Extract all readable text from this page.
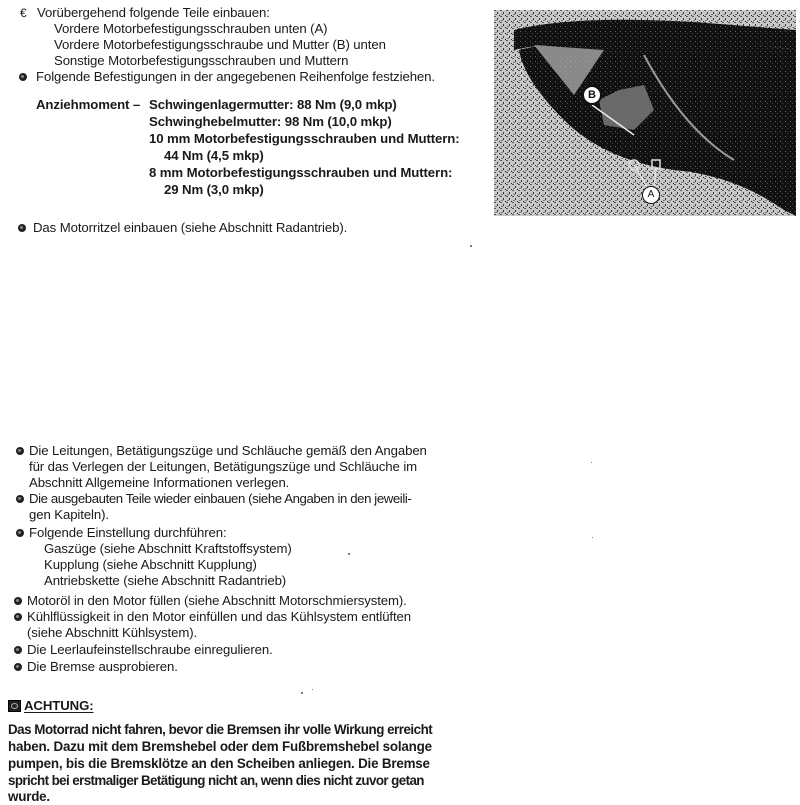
€ Vorübergehend folgende Teile einbauen:
Vordere Motorbefestigungsschrauben unten (A)
Vordere Motorbefestigungsschraube und Mutter (B) unten
Sonstige Motorbefestigungsschrauben und Muttern
Folgende Befestigungen in der angegebenen Reihenfolge festziehen.
Anziehmoment – Schwingenlagermutter: 88 Nm (9,0 mkp)
Schwinghebelmutter: 98 Nm (10,0 mkp)
10 mm Motorbefestigungsschrauben und Muttern:
44 Nm (4,5 mkp)
8 mm Motorbefestigungsschrauben und Muttern:
29 Nm (3,0 mkp)
Das Motorritzel einbauen (siehe Abschnitt Radantrieb).
B
A
Die Leitungen, Betätigungszüge und Schläuche gemäß den Angaben
für das Verlegen der Leitungen, Betätigungszüge und Schläuche im
Abschnitt Allgemeine Informationen verlegen.
Die ausgebauten Teile wieder einbauen (siehe Angaben in den jeweili-
gen Kapiteln).
Folgende Einstellung durchführen:
Gaszüge (siehe Abschnitt Kraftstoffsystem)
Kupplung (siehe Abschnitt Kupplung)
Antriebskette (siehe Abschnitt Radantrieb)
Motoröl in den Motor füllen (siehe Abschnitt Motorschmiersystem).
Kühlflüssigkeit in den Motor einfüllen und das Kühlsystem entlüften
(siehe Abschnitt Kühlsystem).
Die Leerlaufeinstellschraube einregulieren.
Die Bremse ausprobieren.
ACHTUNG:
Das Motorrad nicht fahren, bevor die Bremsen ihr volle Wirkung erreicht
haben. Dazu mit dem Bremshebel oder dem Fußbremshebel solange
pumpen, bis die Bremsklötze an den Scheiben anliegen. Die Bremse
spricht bei erstmaliger Betätigung nicht an, wenn dies nicht zuvor getan
wurde.
